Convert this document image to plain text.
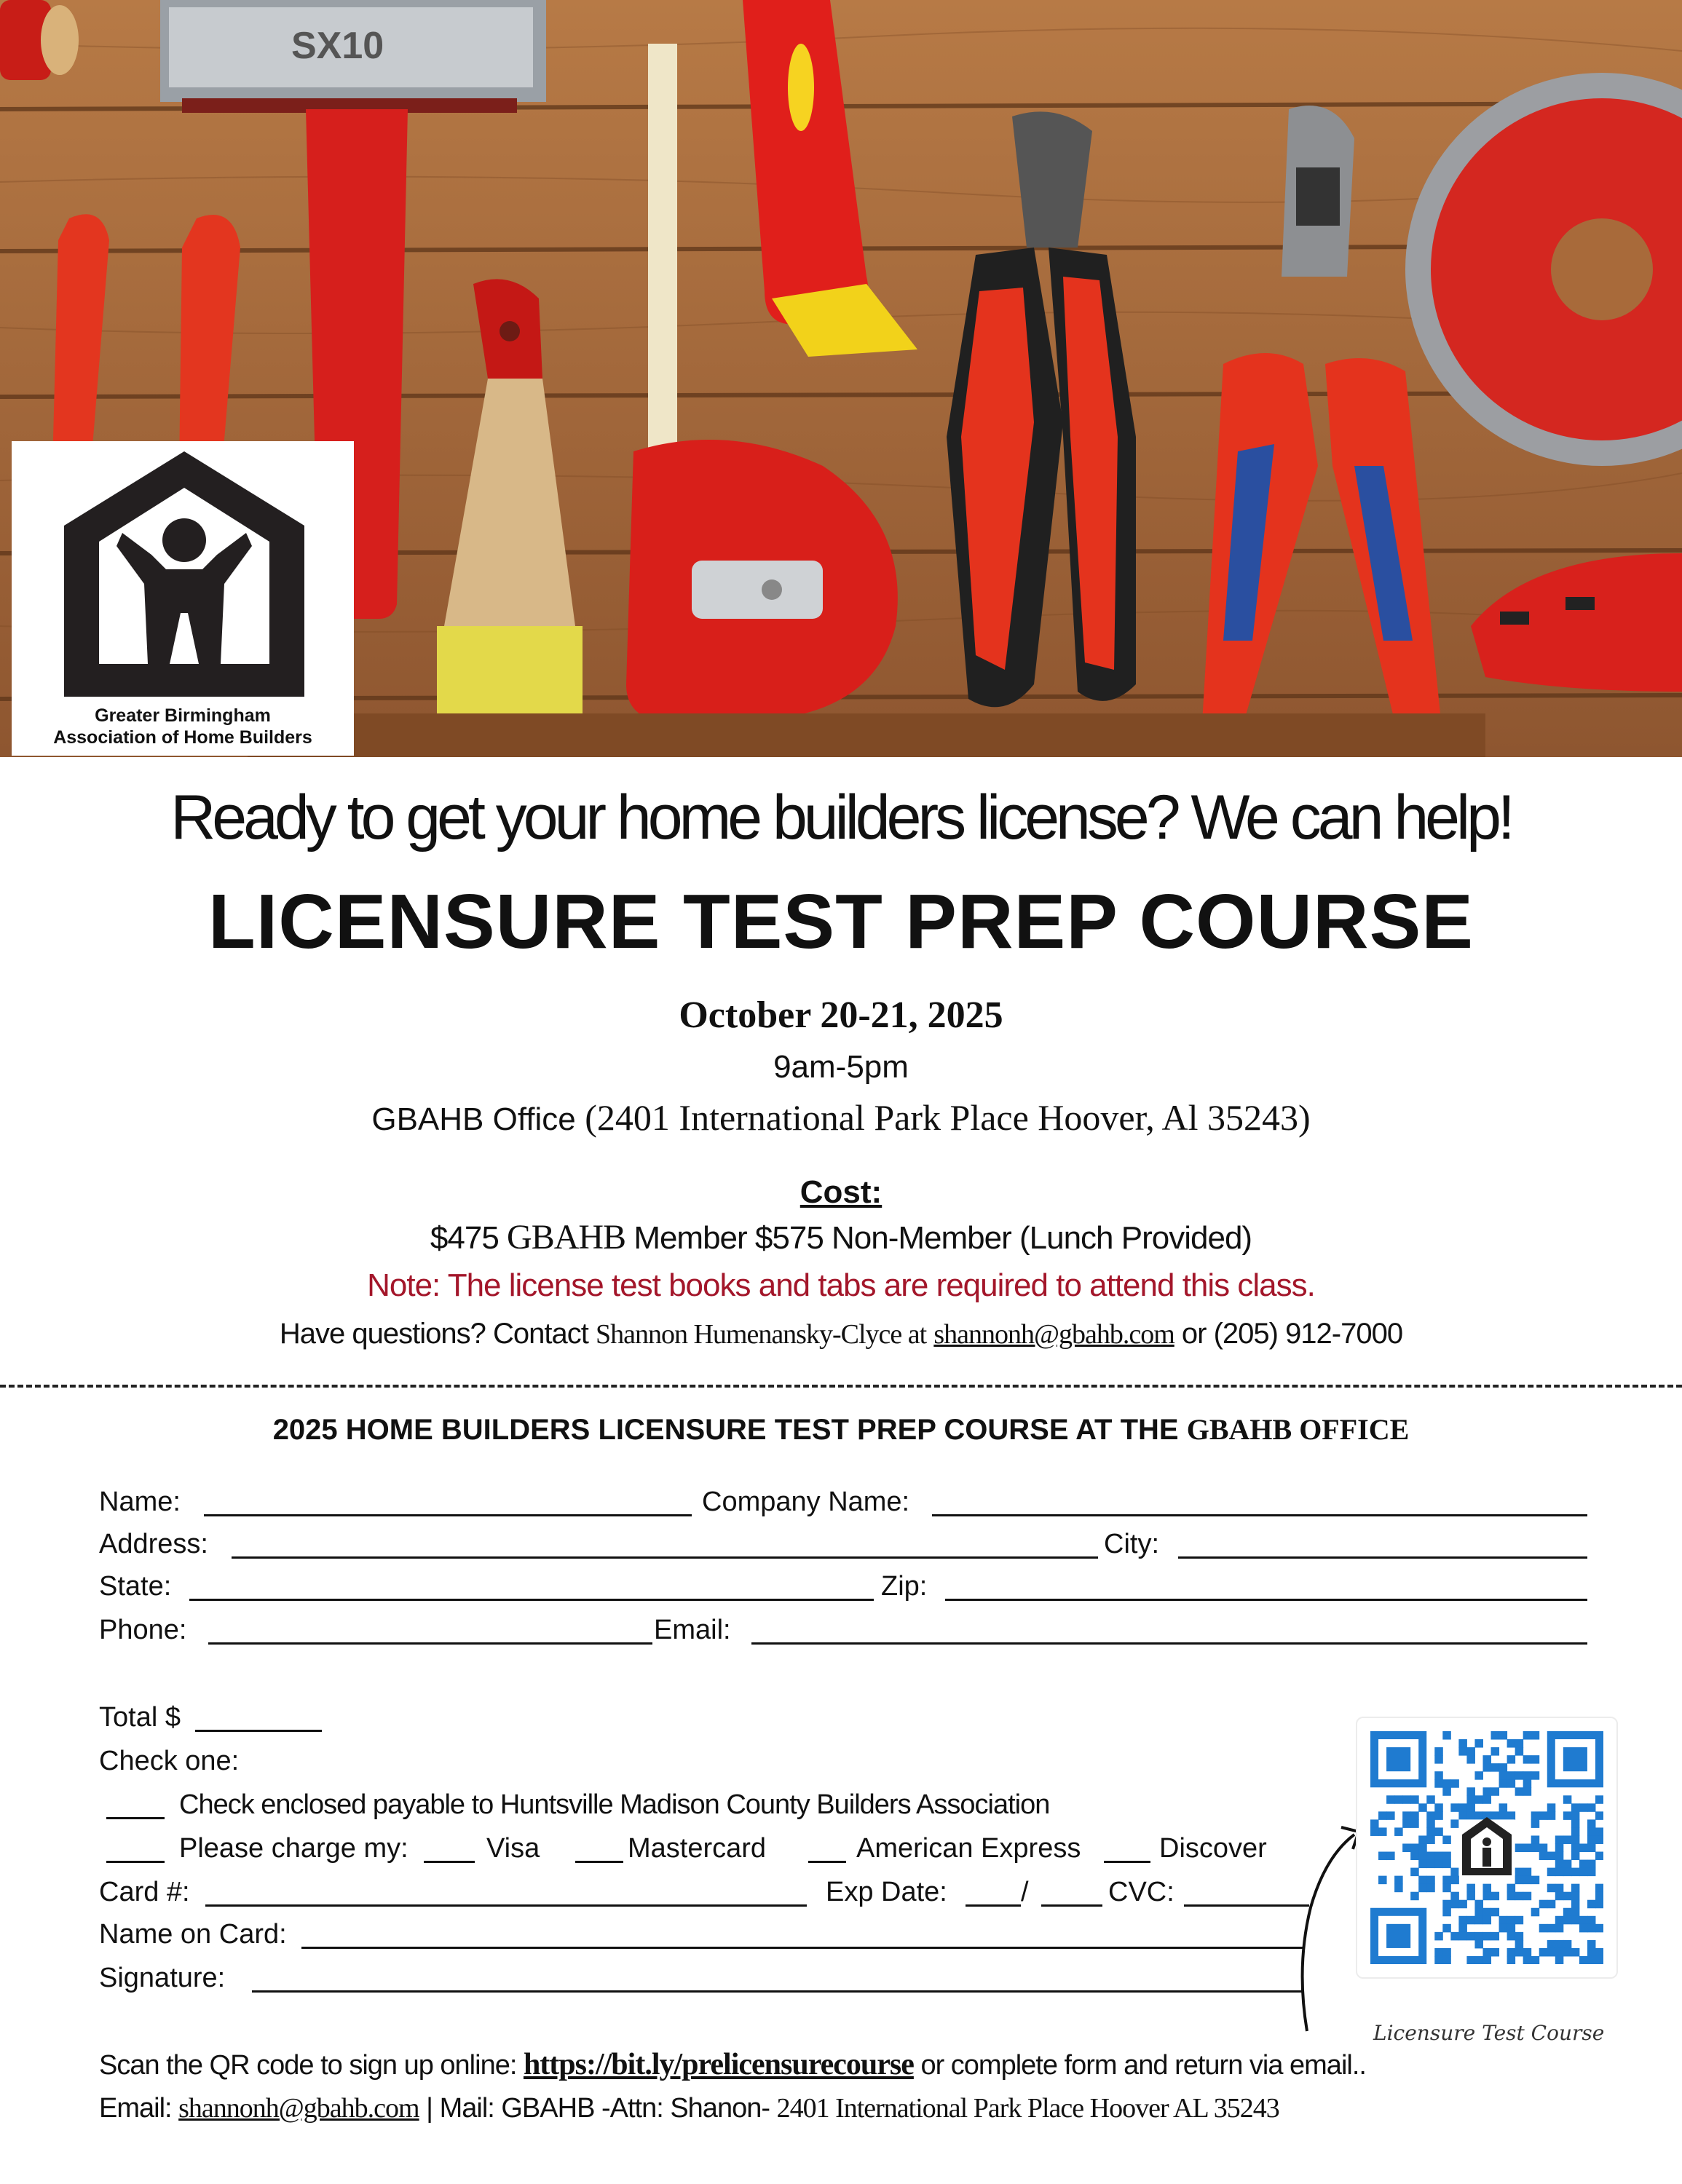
SX10
Greater Birmingham
Association of Home Builders
Ready to get your home builders license? We can help!
LICENSURE TEST PREP COURSE
October 20-21, 2025
9am-5pm
GBAHB Office (2401 International Park Place Hoover, Al 35243)
Cost:
$475 GBAHB Member $575 Non-Member (Lunch Provided)
Note: The license test books and tabs are required to attend this class.
Have questions? Contact Shannon Humenansky-Clyce at shannonh@gbahb.com or (205) 912-7000
2025 HOME BUILDERS LICENSURE TEST PREP COURSE AT THE GBAHB OFFICE
Name:	Company Name:
Address:	City:
State:	Zip:
Phone:	Email:
Total $
Check one:
Check enclosed payable to Huntsville Madison County Builders Association
Please charge my:	Visa	Mastercard	American Express	Discover
Card #:	Exp Date:	/	CVC:
Name on Card:
Signature:
Licensure Test Course
Scan the QR code to sign up online: https://bit.ly/prelicensurecourse or complete form and return via email..
Email: shannonh@gbahb.com | Mail: GBAHB -Attn: Shanon- 2401 International Park Place Hoover AL 35243
